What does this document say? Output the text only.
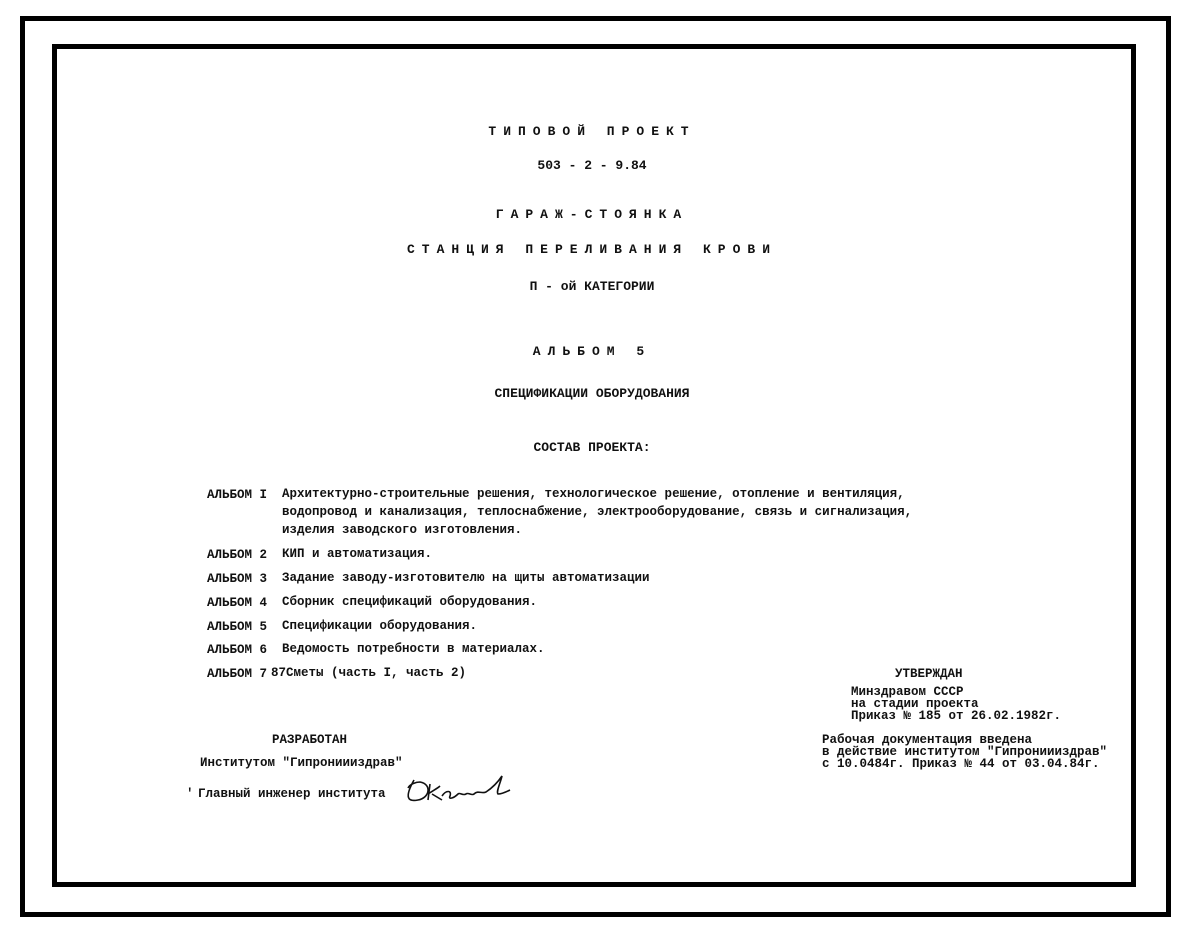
ТИПОВОЙ ПРОЕКТ
503 - 2 - 9.84
ГАРАЖ-СТОЯНКА
СТАНЦИЯ ПЕРЕЛИВАНИЯ КРОВИ
П - ой КАТЕГОРИИ
АЛЬБОМ 5
СПЕЦИФИКАЦИИ ОБОРУДОВАНИЯ
СОСТАВ ПРОЕКТА:
АЛЬБОМ I Архитектурно-строительные решения, технологическое решение, отопление и вентиляция,
водопровод и канализация, теплоснабжение, электрооборудование, связь и сигнализация,
изделия заводского изготовления.
АЛЬБОМ 2 КИП и автоматизация.
АЛЬБОМ 3 Задание заводу-изготовителю на щиты автоматизации
АЛЬБОМ 4 Сборник спецификаций оборудования.
АЛЬБОМ 5 Спецификации оборудования.
АЛЬБОМ 6 Ведомость потребности в материалах.
АЛЬБОМ 7 87Сметы (часть I, часть 2)
РАЗРАБОТАН
Институтом "Гипрониииздрав"
′ Главный инженер института
УТВЕРЖДАН
Минздравом СССР
на стадии проекта
Приказ № 185 от 26.02.1982г.
Рабочая документация введена
в действие институтом "Гипрониииздрав"
с 10.0484г. Приказ № 44 от 03.04.84г.
